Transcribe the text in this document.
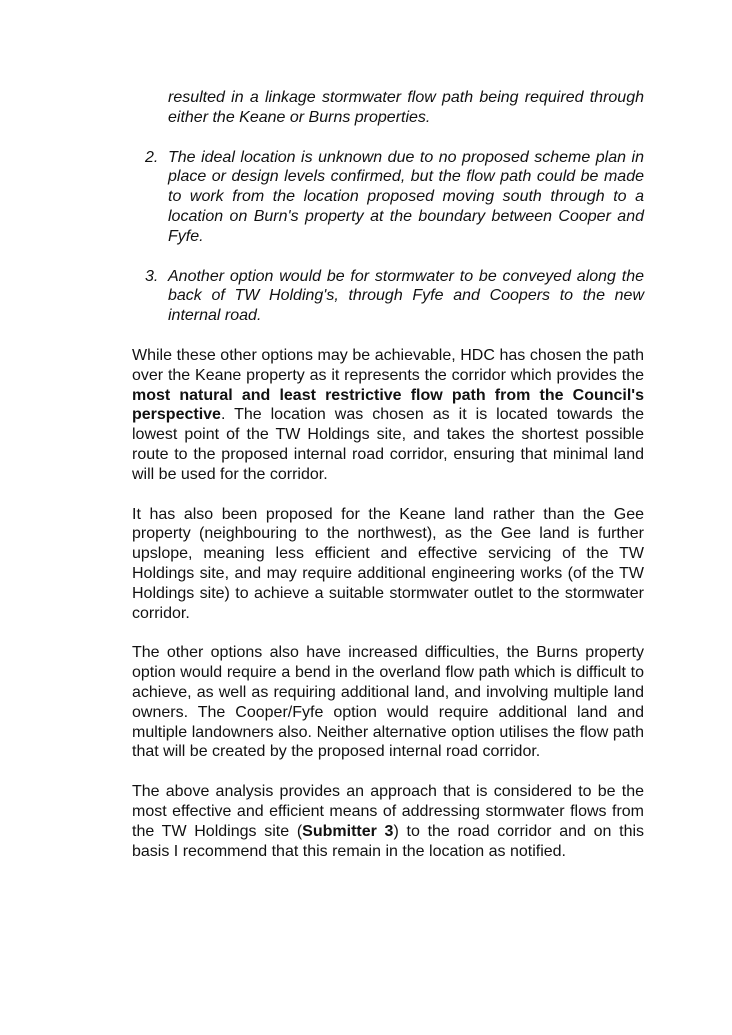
resulted in a linkage stormwater flow path being required through either the Keane or Burns properties.
2. The ideal location is unknown due to no proposed scheme plan in place or design levels confirmed, but the flow path could be made to work from the location proposed moving south through to a location on Burn's property at the boundary between Cooper and Fyfe.
3. Another option would be for stormwater to be conveyed along the back of TW Holding's, through Fyfe and Coopers to the new internal road.

While these other options may be achievable, HDC has chosen the path over the Keane property as it represents the corridor which provides the most natural and least restrictive flow path from the Council's perspective. The location was chosen as it is located towards the lowest point of the TW Holdings site, and takes the shortest possible route to the proposed internal road corridor, ensuring that minimal land will be used for the corridor.

It has also been proposed for the Keane land rather than the Gee property (neighbouring to the northwest), as the Gee land is further upslope, meaning less efficient and effective servicing of the TW Holdings site, and may require additional engineering works (of the TW Holdings site) to achieve a suitable stormwater outlet to the stormwater corridor.

The other options also have increased difficulties, the Burns property option would require a bend in the overland flow path which is difficult to achieve, as well as requiring additional land, and involving multiple land owners. The Cooper/Fyfe option would require additional land and multiple landowners also. Neither alternative option utilises the flow path that will be created by the proposed internal road corridor.

The above analysis provides an approach that is considered to be the most effective and efficient means of addressing stormwater flows from the TW Holdings site (Submitter 3) to the road corridor and on this basis I recommend that this remain in the location as notified.
